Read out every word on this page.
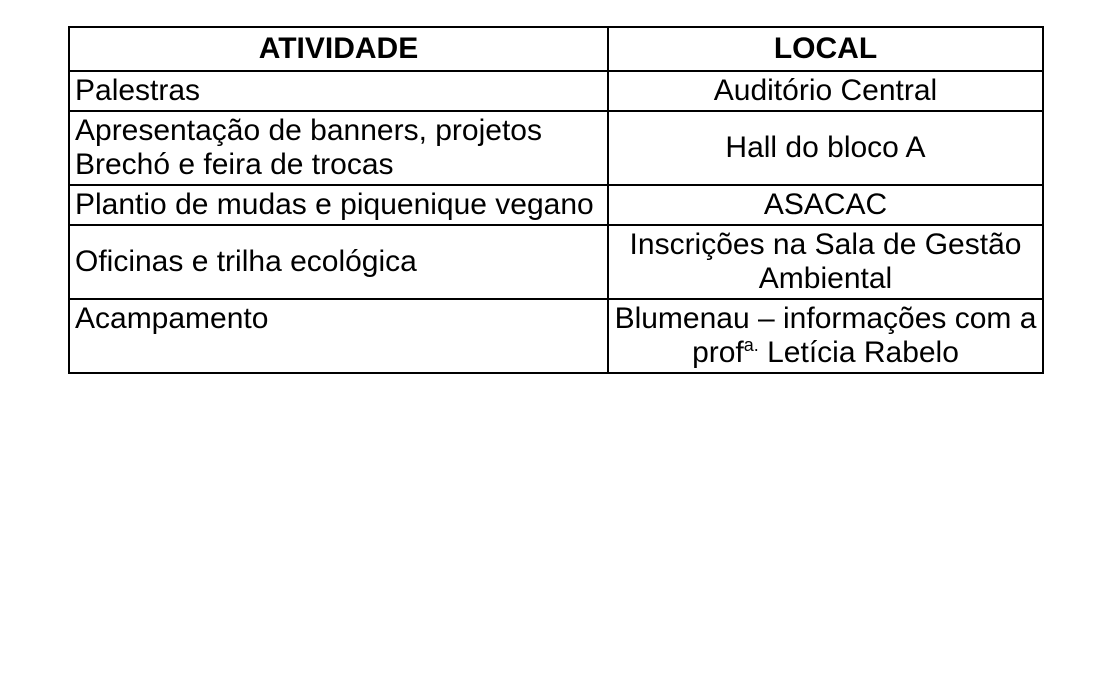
ATIVIDADE	LOCAL

Palestras	Auditório Central

Apresentação de banners, projetos
Brechó e feira de trocas	Hall do bloco A

Plantio de mudas e piquenique vegano	ASACAC

Oficinas e trilha ecológica	Inscrições na Sala de Gestão Ambiental

Acampamento	Blumenau – informações com a prof$^{a.}$ Letícia Rabelo
